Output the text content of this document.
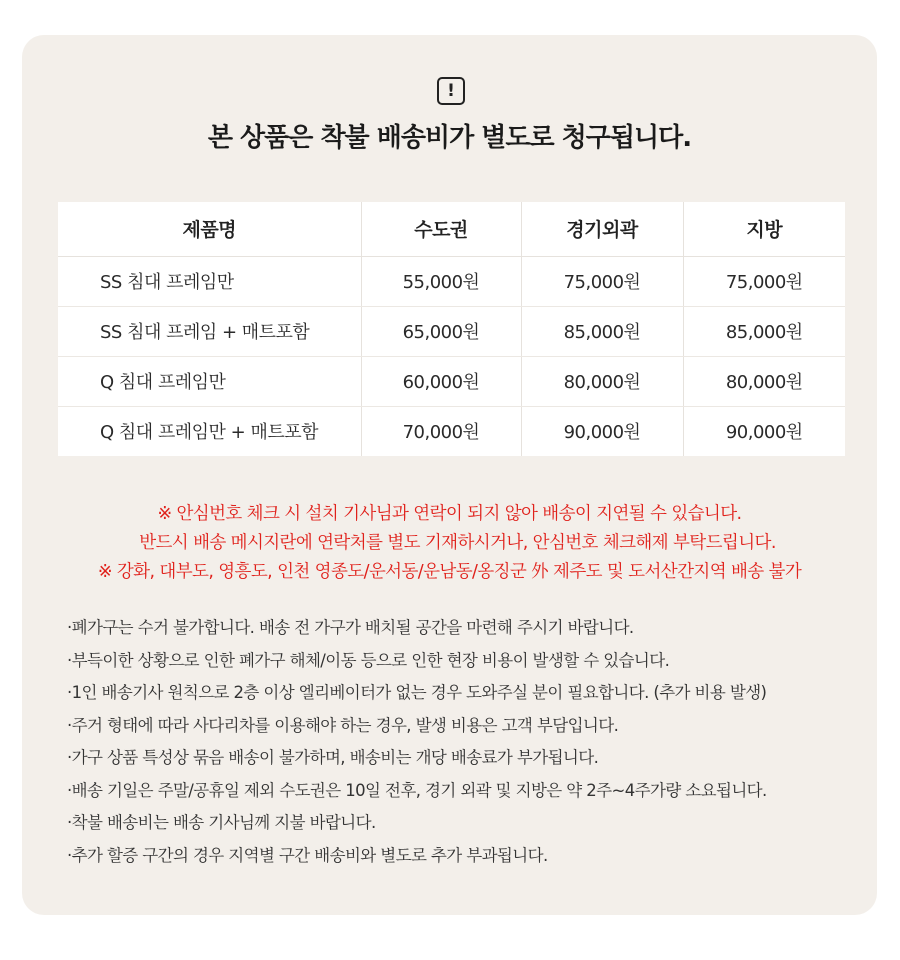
!
본 상품은 착불 배송비가 별도로 청구됩니다.
제품명	수도권	경기외곽	지방
SS 침대 프레임만	55,000원	75,000원	75,000원
SS 침대 프레임 + 매트포함	65,000원	85,000원	85,000원
Q 침대 프레임만	60,000원	80,000원	80,000원
Q 침대 프레임만 + 매트포함	70,000원	90,000원	90,000원

※ 안심번호 체크 시 설치 기사님과 연락이 되지 않아 배송이 지연될 수 있습니다.

반드시 배송 메시지란에 연락처를 별도 기재하시거나, 안심번호 체크해제 부탁드립니다.

※ 강화, 대부도, 영흥도, 인천 영종도/운서동/운남동/옹징군 外 제주도 및 도서산간지역 배송 불가

·폐가구는 수거 불가합니다. 배송 전 가구가 배치될 공간을 마련해 주시기 바랍니다.
·부득이한 상황으로 인한 폐가구 해체/이동 등으로 인한 현장 비용이 발생할 수 있습니다.
·1인 배송기사 원칙으로 2층 이상 엘리베이터가 없는 경우 도와주실 분이 필요합니다. (추가 비용 발생)
·주거 형태에 따라 사다리차를 이용해야 하는 경우, 발생 비용은 고객 부담입니다.
·가구 상품 특성상 묶음 배송이 불가하며, 배송비는 개당 배송료가 부가됩니다.
·배송 기일은 주말/공휴일 제외 수도권은 10일 전후, 경기 외곽 및 지방은 약 2주~4주가량 소요됩니다.
·착불 배송비는 배송 기사님께 지불 바랍니다.
·추가 할증 구간의 경우 지역별 구간 배송비와 별도로 추가 부과됩니다.
